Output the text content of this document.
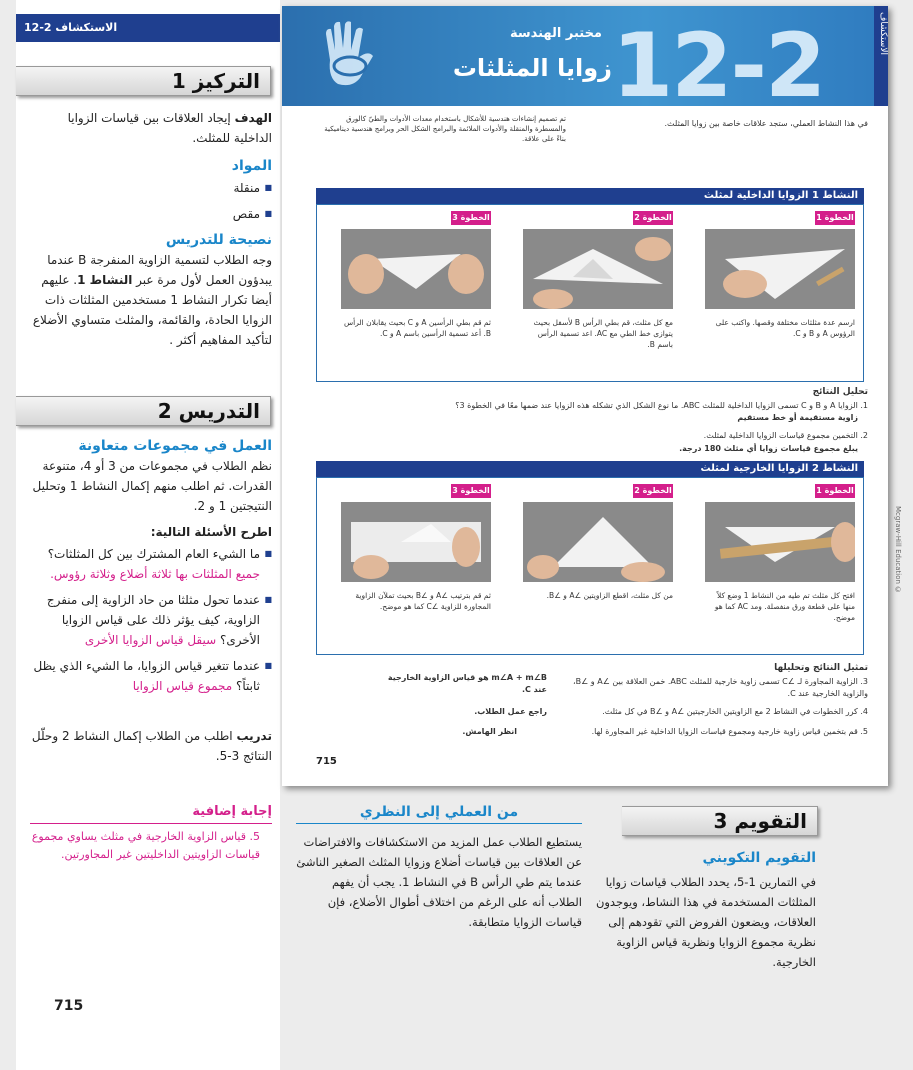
الاستكشاف 2-12
1 التركيز
الهدف إيجاد العلاقات بين قياسات الزوايا الداخلية للمثلث.
المواد
■ منقلة
■ مقص
نصيحة للتدريس
وجه الطلاب لتسمية الزاوية المنفرجة B عندما يبدؤون العمل لأول مرة عبر النشاط 1. عليهم أيضا تكرار النشاط 1 مستخدمين المثلثات ذات الزوايا الحادة، والقائمة، والمثلث متساوي الأضلاع لتأكيد المفاهيم أكثر .
2 التدريس
العمل في مجموعات متعاونة
نظم الطلاب في مجموعات من 3 أو 4، متنوعة القدرات. ثم اطلب منهم إكمال النشاط 1 وتحليل النتيجتين 1 و 2.
اطرح الأسئلة التالية:
■ ما الشيء العام المشترك بين كل المثلثات؟ جميع المثلثات بها ثلاثة أضلاع وثلاثة رؤوس.
■ عندما تحول مثلثا من حاد الزاوية إلى منفرج الزاوية، كيف يؤثر ذلك على قياس الزوايا الأخرى؟ سيقل قياس الزوايا الأخرى
■ عندما تتغير قياس الزوايا، ما الشيء الذي يظل ثابتاً؟ مجموع قياس الزوايا
تدريب اطلب من الطلاب إكمال النشاط 2 وحلّل النتائج 3-5.
إجابة إضافية
5. قياس الزاوية الخارجية في مثلث يساوي مجموع قياسات الزاويتين الداخليتين غير المجاورتين.
715
مختبر الهندسة
زوايا المثلثات 12-2	الاستكشاف
في هذا النشاط العملي، ستجد علاقات خاصة بين زوايا المثلث.
تم تصميم إنشاءات هندسية للأشكال باستخدام معدات الأدوات والطيّ كالورق والمسطرة والمنقلة والأدوات الملائمة والبرامج الشكل الحر وبرامج هندسية ديناميكية بناءً على علاقة.
النشاط 1 الزوايا الداخلية لمثلث
الخطوة 1
الخطوة 2
الخطوة 3
ارسم عدة مثلثات مختلفة وقصها. واكتب على الرؤوس A و B و C.
مع كل مثلث، قم بطي الرأس B لأسفل بحيث يتوازى خط الطي مع AC. اعد تسمية الرأس باسم B.
ثم قم بطي الرأسين A و C بحيث يقابلان الرأس B. أعد تسمية الرأسين باسم A و C.
تحليل النتائج
1. الزوايا A و B و C تسمى الزوايا الداخلية للمثلث ABC. ما نوع الشكل الذي تشكله هذه الزوايا عند ضمها معًا في الخطوة 3؟
زاوية مستقيمة أو خط مستقيم
2. التخمين مجموع قياسات الزوايا الداخلية لمثلث.
يبلغ مجموع قياسات زوايا أي مثلث 180 درجة.
النشاط 2 الزوايا الخارجية لمثلث
الخطوة 1
الخطوة 2
الخطوة 3
افتح كل مثلث تم طيه من النشاط 1 وضع كلاً منها على قطعة ورق منفصلة. ومد AC كما هو موضح.
من كل مثلث، اقطع الزاويتين ∠A و ∠B.
ثم قم بترتيب ∠A و ∠B بحيث تملآن الزاوية المجاورة للزاوية ∠C كما هو موضح.
تمثيل النتائج وتحليلها
3. الزاوية المجاورة لـ ∠C تسمى زاوية خارجية للمثلث ABC. خمن العلاقة بين ∠A و ∠B، والزاوية الخارجية عند C.
m∠A + m∠B هو قياس الزاوية الخارجية عند C.
4. كرر الخطوات في النشاط 2 مع الزاويتين الخارجيتين ∠A و ∠B في كل مثلث.
راجع عمل الطلاب.
5. قم بتخمين قياس زاوية خارجية ومجموع قياسات الزوايا الداخلية غير المجاورة لها.
انظر الهامش.
715
Mcgraw-Hill Education ©
من العملي إلى النظري
يستطيع الطلاب عمل المزيد من الاستكشافات والافتراضات عن العلاقات بين قياسات أضلاع وزوايا المثلث الصغير الناشئ عندما يتم طي الرأس B في النشاط 1. يجب أن يفهم الطلاب أنه على الرغم من اختلاف أطوال الأضلاع، فإن قياسات الزوايا متطابقة.
3 التقويم
التقويم التكويني
في التمارين 1-5، يحدد الطلاب قياسات زوايا المثلثات المستخدمة في هذا النشاط، ويوجدون العلاقات، ويضعون الفروض التي تقودهم إلى نظرية مجموع الزوايا ونظرية قياس الزاوية الخارجية.
